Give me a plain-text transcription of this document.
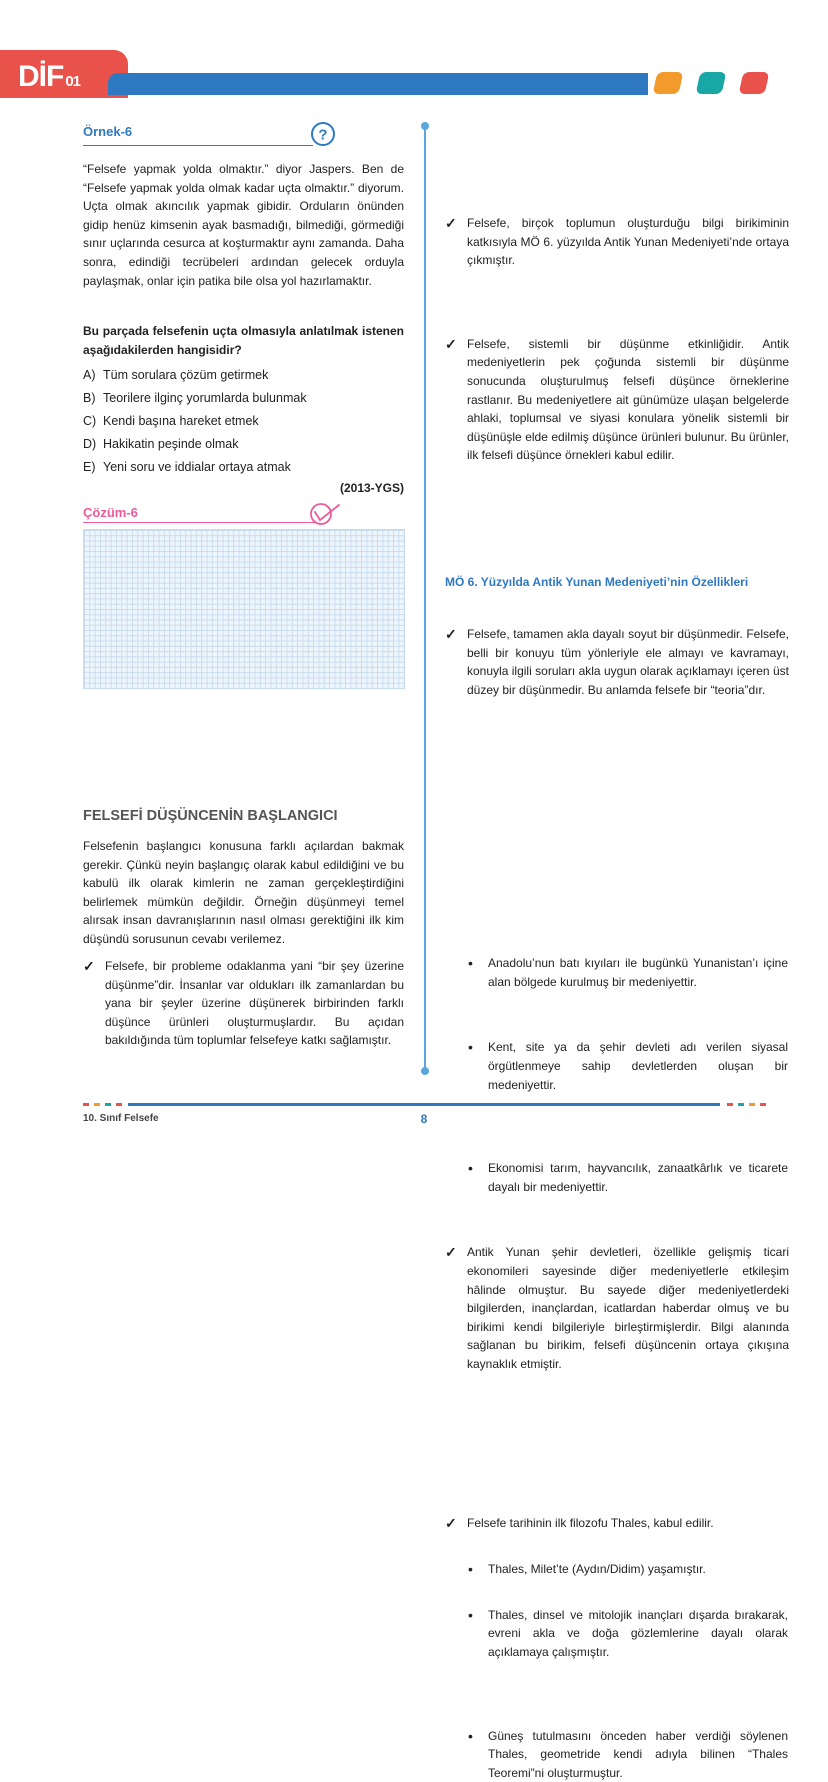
DİF 01
Örnek-6	?
“Felsefe yapmak yolda olmaktır.” diyor Jaspers. Ben de “Felsefe yapmak yolda olmak kadar uçta olmaktır.” diyorum. Uçta olmak akıncılık yapmak gibidir. Orduların önünden gidip henüz kimsenin ayak basmadığı, bilmediği, görmediği sınır uçlarında cesurca at koşturmaktır aynı zamanda. Daha sonra, edindiği tecrübeleri ardından gelecek orduyla paylaşmak, onlar için patika bile olsa yol hazırlamaktır.
Bu parçada felsefenin uçta olmasıyla anlatılmak istenen aşağıdakilerden hangisidir?
A) Tüm sorulara çözüm getirmek
B) Teorilere ilginç yorumlarda bulunmak
C) Kendi başına hareket etmek
D) Hakikatin peşinde olmak
E) Yeni soru ve iddialar ortaya atmak
(2013-YGS)
Çözüm-6
FELSEFİ DÜŞÜNCENİN BAŞLANGICI
Felsefenin başlangıcı konusuna farklı açılardan bakmak gerekir. Çünkü neyin başlangıç olarak kabul edildiğini ve bu kabulü ilk olarak kimlerin ne zaman gerçekleştirdiğini belirlemek mümkün değildir. Örneğin düşünmeyi temel alırsak insan davranışlarının nasıl olması gerektiğini ilk kim düşündü sorusunun cevabı verilemez.
✓ Felsefe, bir probleme odaklanma yani “bir şey üzerine düşünme”dir. İnsanlar var oldukları ilk zamanlardan bu yana bir şeyler üzerine düşünerek birbirinden farklı düşünce ürünleri oluşturmuşlardır. Bu açıdan bakıldığında tüm toplumlar felsefeye katkı sağlamıştır.
✓ Felsefe, birçok toplumun oluşturduğu bilgi birikiminin katkısıyla MÖ 6. yüzyılda Antik Yunan Medeniyeti’nde ortaya çıkmıştır.
✓ Felsefe, sistemli bir düşünme etkinliğidir. Antik medeniyetlerin pek çoğunda sistemli bir düşünme sonucunda oluşturulmuş felsefi düşünce örneklerine rastlanır. Bu medeniyetlere ait günümüze ulaşan belgelerde ahlaki, toplumsal ve siyasi konulara yönelik sistemli bir düşünüşle elde edilmiş düşünce ürünleri bulunur. Bu ürünler, ilk felsefi düşünce örnekleri kabul edilir.
✓ Felsefe, tamamen akla dayalı soyut bir düşünmedir. Felsefe, belli bir konuyu tüm yönleriyle ele almayı ve kavramayı, konuyla ilgili soruları akla uygun olarak açıklamayı içeren üst düzey bir düşünmedir. Bu anlamda felsefe bir “teoria”dır.
MÖ 6. Yüzyılda Antik Yunan Medeniyeti’nin Özellikleri
• Anadolu’nun batı kıyıları ile bugünkü Yunanistan’ı içine alan bölgede kurulmuş bir medeniyettir.
• Kent, site ya da şehir devleti adı verilen siyasal örgütlenmeye sahip devletlerden oluşan bir medeniyettir.
• Ekonomisi tarım, hayvancılık, zanaatkârlık ve ticarete dayalı bir medeniyettir.
✓ Antik Yunan şehir devletleri, özellikle gelişmiş ticari ekonomileri sayesinde diğer medeniyetlerle etkileşim hâlinde olmuştur. Bu sayede diğer medeniyetlerdeki bilgilerden, inançlardan, icatlardan haberdar olmuş ve bu birikimi kendi bilgileriyle birleştirmişlerdir. Bilgi alanında sağlanan bu birikim, felsefi düşüncenin ortaya çıkışına kaynaklık etmiştir.
✓ Felsefe tarihinin ilk filozofu Thales, kabul edilir.
• Thales, Milet’te (Aydın/Didim) yaşamıştır.
• Thales, dinsel ve mitolojik inançları dışarda bırakarak, evreni akla ve doğa gözlemlerine dayalı olarak açıklamaya çalışmıştır.
• Güneş tutulmasını önceden haber verdiği söylenen Thales, geometride kendi adıyla bilinen “Thales Teoremi”ni oluşturmuştur.
10. Sınıf Felsefe	8
